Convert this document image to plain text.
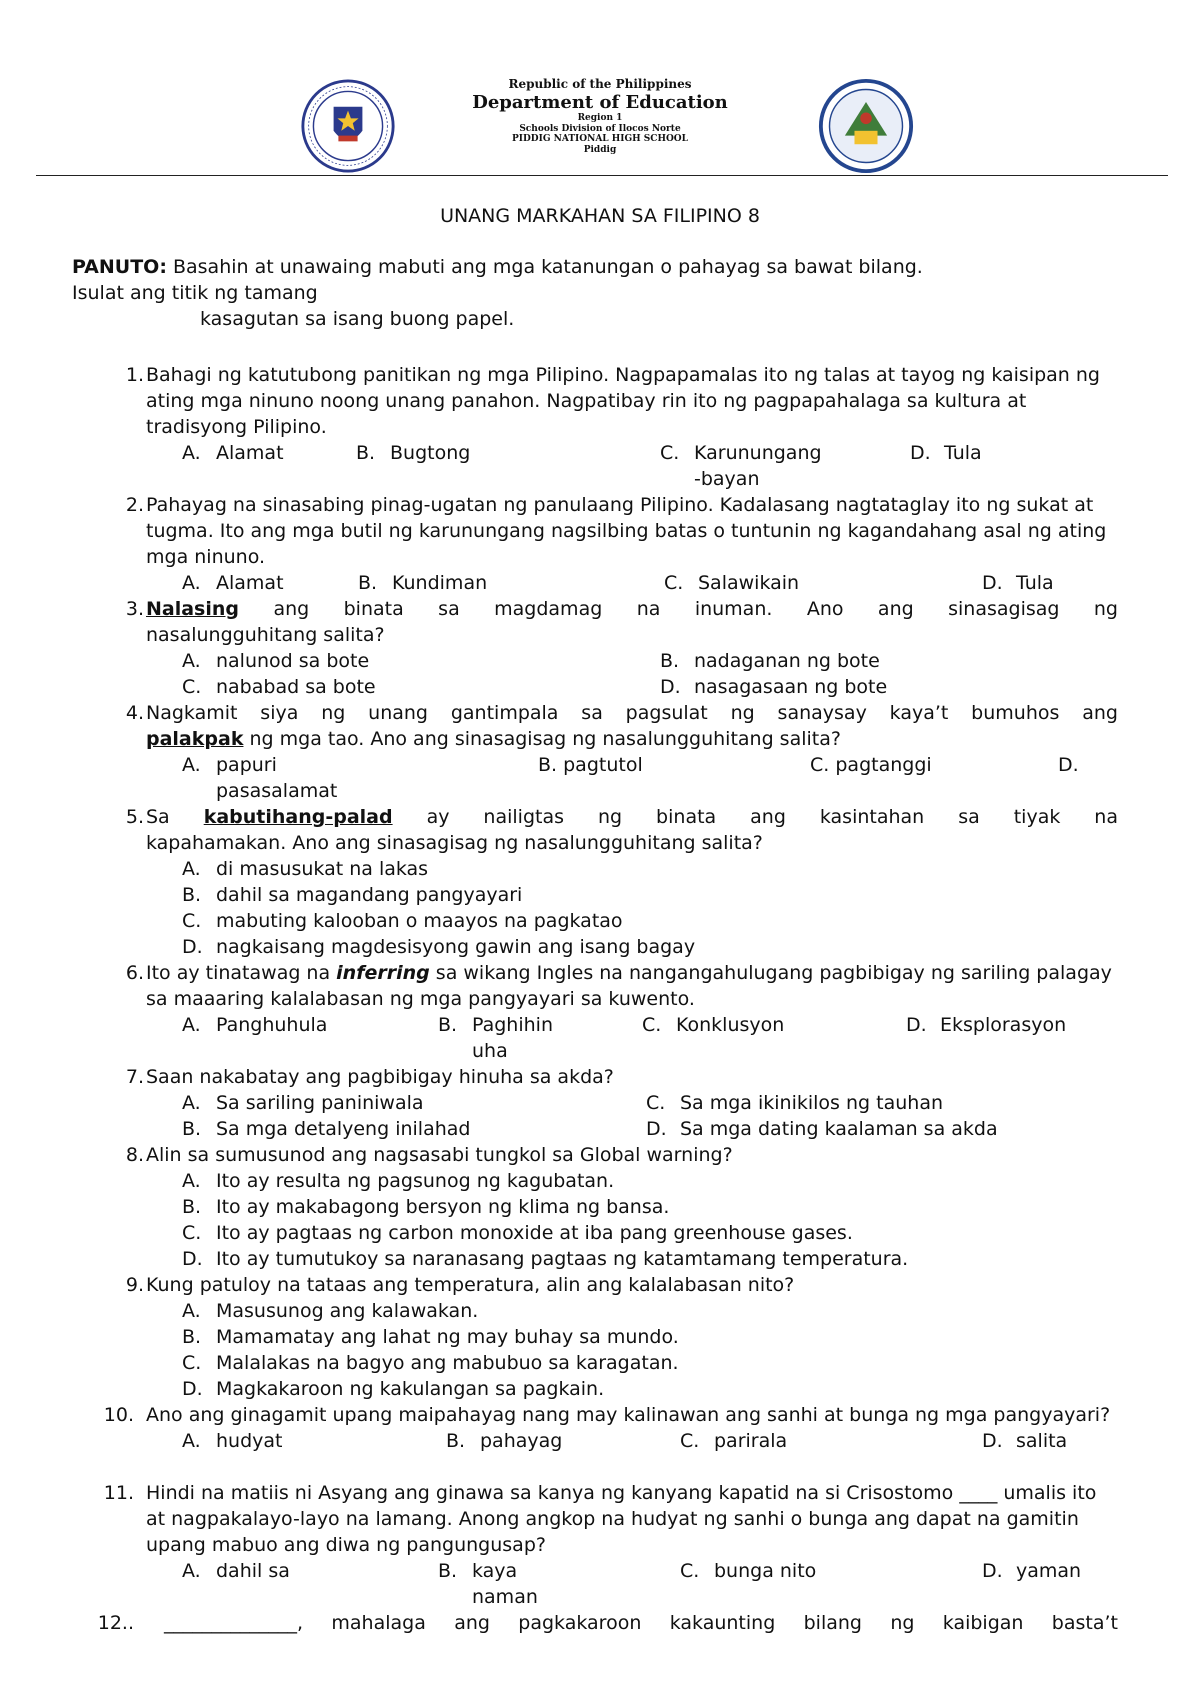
Republic of the Philippines
Department of Education
Region 1
Schools Division of Ilocos Norte
PIDDIG NATIONAL HIGH SCHOOL
Piddig
UNANG MARKAHAN SA FILIPINO 8
PANUTO: Basahin at unawaing mabuti ang mga katanungan o pahayag sa bawat bilang.
Isulat ang titik ng tamang
kasagutan sa isang buong papel.
1. Bahagi ng katutubong panitikan ng mga Pilipino. Nagpapamalas ito ng talas at tayog ng kaisipan ng ating mga ninuno noong unang panahon. Nagpatibay rin ito ng pagpapahalaga sa kultura at tradisyong Pilipino.
A. Alamat	B. Bugtong	C. Karunungang
-bayan
D. Tula
2. Pahayag na sinasabing pinag-ugatan ng panulaang Pilipino. Kadalasang nagtataglay ito ng sukat at tugma. Ito ang mga butil ng karunungang nagsilbing batas o tuntunin ng kagandahang asal ng ating mga ninuno.
A. Alamat	B. Kundiman	C. Salawikain	D. Tula
3. Nalasing ang binata sa magdamag na inuman. Ano ang sinasagisag ng
nasalungguhitang salita?
A. nalunod sa bote	B. nadaganan ng bote
C. nababad sa bote	D. nasagasaan ng bote
4. Nagkamit siya ng unang gantimpala sa pagsulat ng sanaysay kaya’t bumuhos ang
palakpak ng mga tao. Ano ang sinasagisag ng nasalungguhitang salita?
A. papuri	B. pagtutol	C. pagtanggi	D.
pasasalamat
5. Sa kabutihang-palad ay nailigtas ng binata ang kasintahan sa tiyak na
kapahamakan. Ano ang sinasagisag ng nasalungguhitang salita?
A. di masusukat na lakas
B. dahil sa magandang pangyayari
C. mabuting kalooban o maayos na pagkatao
D. nagkaisang magdesisyong gawin ang isang bagay
6. Ito ay tinatawag na inferring sa wikang Ingles na nangangahulugang pagbibigay ng sariling palagay sa maaaring kalalabasan ng mga pangyayari sa kuwento.
A. Panghuhula	B. Paghihin
uha
C. Konklusyon	D. Eksplorasyon
7. Saan nakabatay ang pagbibigay hinuha sa akda?
A. Sa sariling paniniwala	C. Sa mga ikinikilos ng tauhan
B. Sa mga detalyeng inilahad	D. Sa mga dating kaalaman sa akda
8. Alin sa sumusunod ang nagsasabi tungkol sa Global warning?
A. Ito ay resulta ng pagsunog ng kagubatan.
B. Ito ay makabagong bersyon ng klima ng bansa.
C. Ito ay pagtaas ng carbon monoxide at iba pang greenhouse gases.
D. Ito ay tumutukoy sa naranasang pagtaas ng katamtamang temperatura.
9. Kung patuloy na tataas ang temperatura, alin ang kalalabasan nito?
A. Masusunog ang kalawakan.
B. Mamamatay ang lahat ng may buhay sa mundo.
C. Malalakas na bagyo ang mabubuo sa karagatan.
D. Magkakaroon ng kakulangan sa pagkain.
10. Ano ang ginagamit upang maipahayag nang may kalinawan ang sanhi at bunga ng mga pangyayari?
A. hudyat	B. pahayag	C. parirala	D. salita
11. Hindi na matiis ni Asyang ang ginawa sa kanya ng kanyang kapatid na si Crisostomo ____ umalis ito at nagpakalayo-layo na lamang. Anong angkop na hudyat ng sanhi o bunga ang dapat na gamitin upang mabuo ang diwa ng pangungusap?
A. dahil sa	B. kaya
naman
C. bunga nito	D. yaman
12.. ______________, mahalaga ang pagkakaroon kakaunting bilang ng kaibigan basta’t
